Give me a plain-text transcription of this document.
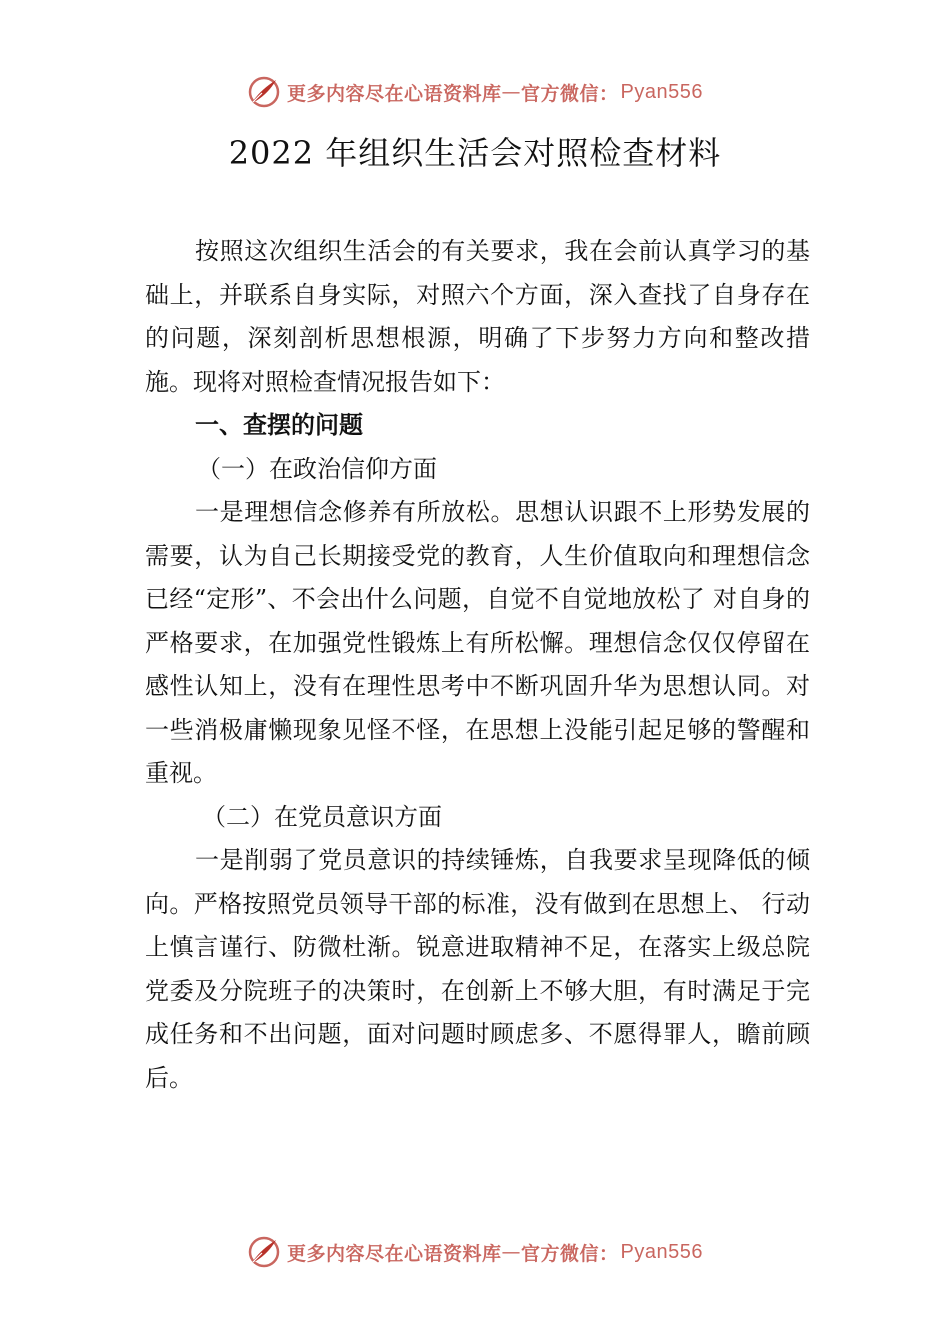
更多内容尽在心语资料库 — 官方微信： Pyan556
2022 年组织生活会对照检查材料

按照这次组织生活会的有关要求，我在会前认真学习的基础上，并联系自身实际，对照六个方面，深入查找了自身存在的问题，深刻剖析思想根源，明确了下步努力方向和整改措施。现将对照检查情况报告如下：

一、查摆的问题

（一）在政治信仰方面

一是理想信念修养有所放松。思想认识跟不上形势发展的需要，认为自己长期接受党的教育，人生价值取向和理想信念已经“定形”、不会出什么问题，自觉不自觉地放松了 对自身的严格要求，在加强党性锻炼上有所松懈。理想信念仅仅停留在感性认知上，没有在理性思考中不断巩固升华为思想认同。对一些消极庸懒现象见怪不怪，在思想上没能引起足够的警醒和重视。

（二）在党员意识方面

一是削弱了党员意识的持续锤炼，自我要求呈现降低的倾向。严格按照党员领导干部的标准，没有做到在思想上、 行动上慎言谨行、防微杜渐。锐意进取精神不足，在落实上级总院党委及分院班子的决策时，在创新上不够大胆，有时满足于完成任务和不出问题，面对问题时顾虑多、不愿得罪人，瞻前顾后。

更多内容尽在心语资料库 — 官方微信： Pyan556
